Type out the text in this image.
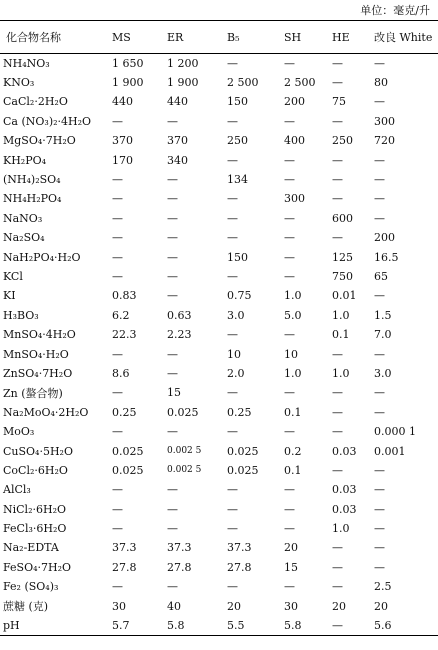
单位：毫克/升
化合物名称	MS	ER	B₅	SH	HE	改良 White
NH₄NO₃	1 650	1 200	—	—	—	—
KNO₃	1 900	1 900	2 500	2 500	—	80
CaCl₂·2H₂O	440	440	150	200	75	—
Ca (NO₃)₂·4H₂O	—	—	—	—	—	300
MgSO₄·7H₂O	370	370	250	400	250	720
KH₂PO₄	170	340	—	—	—	—
(NH₄)₂SO₄	—	—	134	—	—	—
NH₄H₂PO₄	—	—	—	300	—	—
NaNO₃	—	—	—	—	600	—
Na₂SO₄	—	—	—	—	—	200
NaH₂PO₄·H₂O	—	—	150	—	125	16.5
KCl	—	—	—	—	750	65
KI	0.83	—	0.75	1.0	0.01	—
H₃BO₃	6.2	0.63	3.0	5.0	1.0	1.5
MnSO₄·4H₂O	22.3	2.23	—	—	0.1	7.0
MnSO₄·H₂O	—	—	10	10	—	—
ZnSO₄·7H₂O	8.6	—	2.0	1.0	1.0	3.0
Zn (螯合物)	—	15	—	—	—	—
Na₂MoO₄·2H₂O	0.25	0.025	0.25	0.1	—	—
MoO₃	—	—	—	—	—	0.000 1
CuSO₄·5H₂O	0.025	0.002 5	0.025	0.2	0.03	0.001
CoCl₂·6H₂O	0.025	0.002 5	0.025	0.1	—	—
AlCl₃	—	—	—	—	0.03	—
NiCl₂·6H₂O	—	—	—	—	0.03	—
FeCl₃·6H₂O	—	—	—	—	1.0	—
Na₂-EDTA	37.3	37.3	37.3	20	—	—
FeSO₄·7H₂O	27.8	27.8	27.8	15	—	—
Fe₂ (SO₄)₃	—	—	—	—	—	2.5
蔗糖 (克)	30	40	20	30	20	20
pH	5.7	5.8	5.5	5.8	—	5.6
